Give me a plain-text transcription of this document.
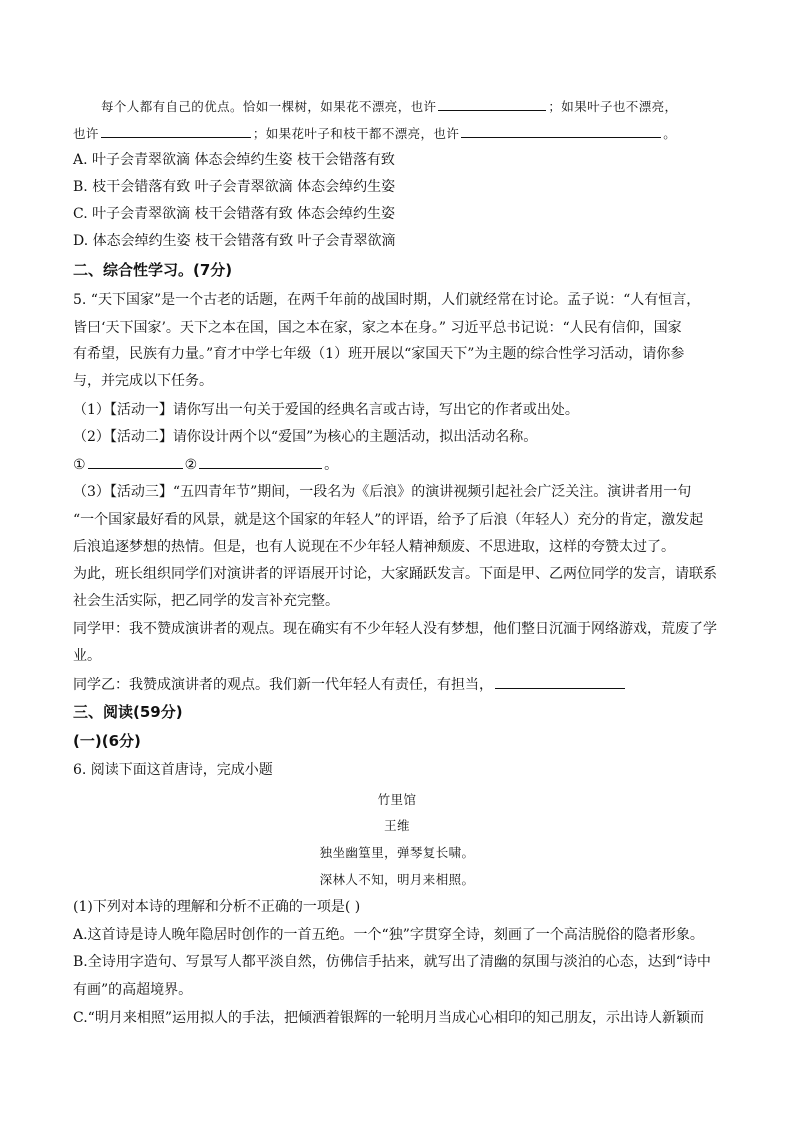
每个人都有自己的优点。恰如一棵树，如果花不漂亮，也许	；如果叶子也不漂亮，
也许	；如果花叶子和枝干都不漂亮，也许	。
A. 叶子会青翠欲滴 体态会绰约生姿 枝干会错落有致
B. 枝干会错落有致 叶子会青翠欲滴 体态会绰约生姿
C. 叶子会青翠欲滴 枝干会错落有致 体态会绰约生姿
D. 体态会绰约生姿 枝干会错落有致 叶子会青翠欲滴
二、综合性学习。(7分)
5. “天下国家”是一个古老的话题，在两千年前的战国时期，人们就经常在讨论。孟子说：“人有恒言，
皆曰‘天下国家’。天下之本在国，国之本在家，家之本在身。” 习近平总书记说：“人民有信仰，国家
有希望，民族有力量。”育才中学七年级（1）班开展以“家国天下”为主题的综合性学习活动，请你参
与，并完成以下任务。
（1）【活动一】请你写出一句关于爱国的经典名言或古诗，写出它的作者或出处。
（2）【活动二】请你设计两个以“爱国”为核心的主题活动，拟出活动名称。
①	②	。
（3）【活动三】“五四青年节”期间，一段名为《后浪》的演讲视频引起社会广泛关注。演讲者用一句
“一个国家最好看的风景，就是这个国家的年轻人”的评语，给予了后浪（年轻人）充分的肯定，激发起
后浪追逐梦想的热情。但是，也有人说现在不少年轻人精神颓废、不思进取，这样的夸赞太过了。
为此，班长组织同学们对演讲者的评语展开讨论，大家踊跃发言。下面是甲、乙两位同学的发言，请联系
社会生活实际，把乙同学的发言补充完整。
同学甲：我不赞成演讲者的观点。现在确实有不少年轻人没有梦想，他们整日沉湎于网络游戏，荒废了学
业。
同学乙：我赞成演讲者的观点。我们新一代年轻人有责任，有担当，
三、阅读(59分)
(一)(6分)
6. 阅读下面这首唐诗，完成小题
竹里馆
王维
独坐幽篁里，弹琴复长啸。
深林人不知，明月来相照。
(1)下列对本诗的理解和分析不正确的一项是( )
A.这首诗是诗人晚年隐居时创作的一首五绝。一个“独”字贯穿全诗，刻画了一个高洁脱俗的隐者形象。
B.全诗用字造句、写景写人都平淡自然，仿佛信手拈来，就写出了清幽的氛围与淡泊的心态，达到“诗中
有画”的高超境界。
C.“明月来相照”运用拟人的手法，把倾洒着银辉的一轮明月当成心心相印的知己朋友，示出诗人新颖而
